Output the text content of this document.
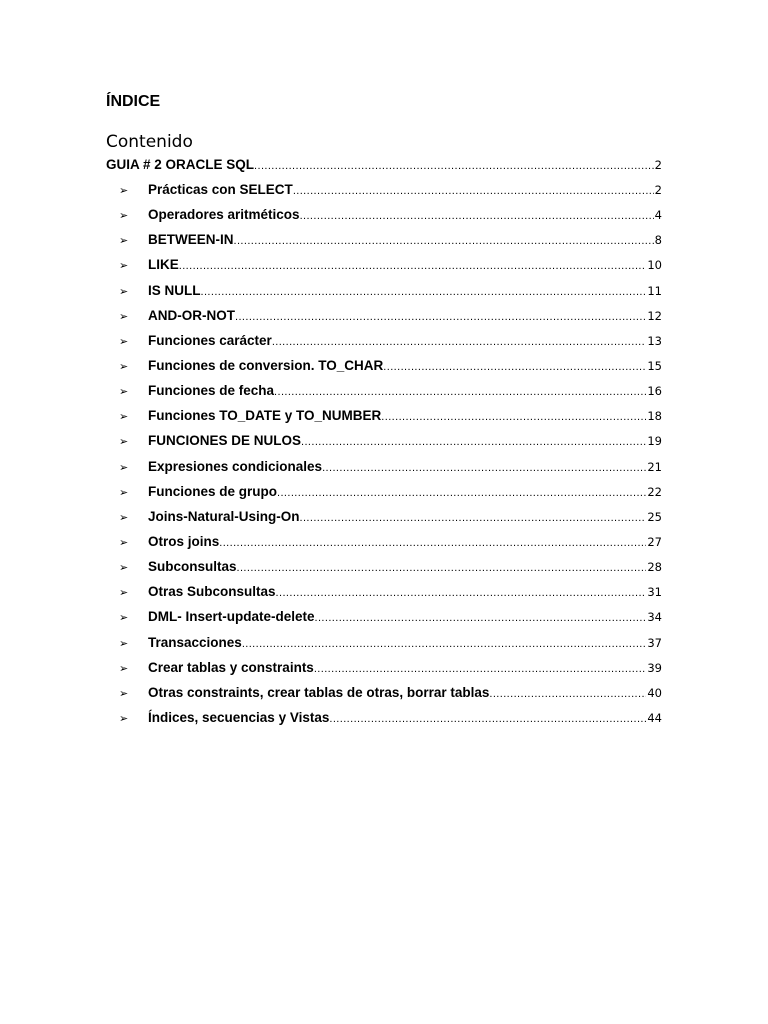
ÍNDICE
Contenido
GUIA # 2 ORACLE SQL .....	2
➢	Prácticas con SELECT .....	2
➢	Operadores aritméticos .....	4
➢	BETWEEN-IN .....	8
➢	LIKE .....	10
➢	IS NULL .....	11
➢	AND-OR-NOT .....	12
➢	Funciones carácter .....	13
➢	Funciones de conversion. TO_CHAR .....	15
➢	Funciones de fecha .....	16
➢	Funciones TO_DATE y TO_NUMBER .....	18
➢	FUNCIONES DE NULOS .....	19
➢	Expresiones condicionales .....	21
➢	Funciones de grupo .....	22
➢	Joins-Natural-Using-On .....	25
➢	Otros joins .....	27
➢	Subconsultas .....	28
➢	Otras Subconsultas .....	31
➢	DML- Insert-update-delete .....	34
➢	Transacciones .....	37
➢	Crear tablas y constraints .....	39
➢	Otras constraints, crear tablas de otras, borrar tablas .....	40
➢	Índices, secuencias y Vistas .....	44
